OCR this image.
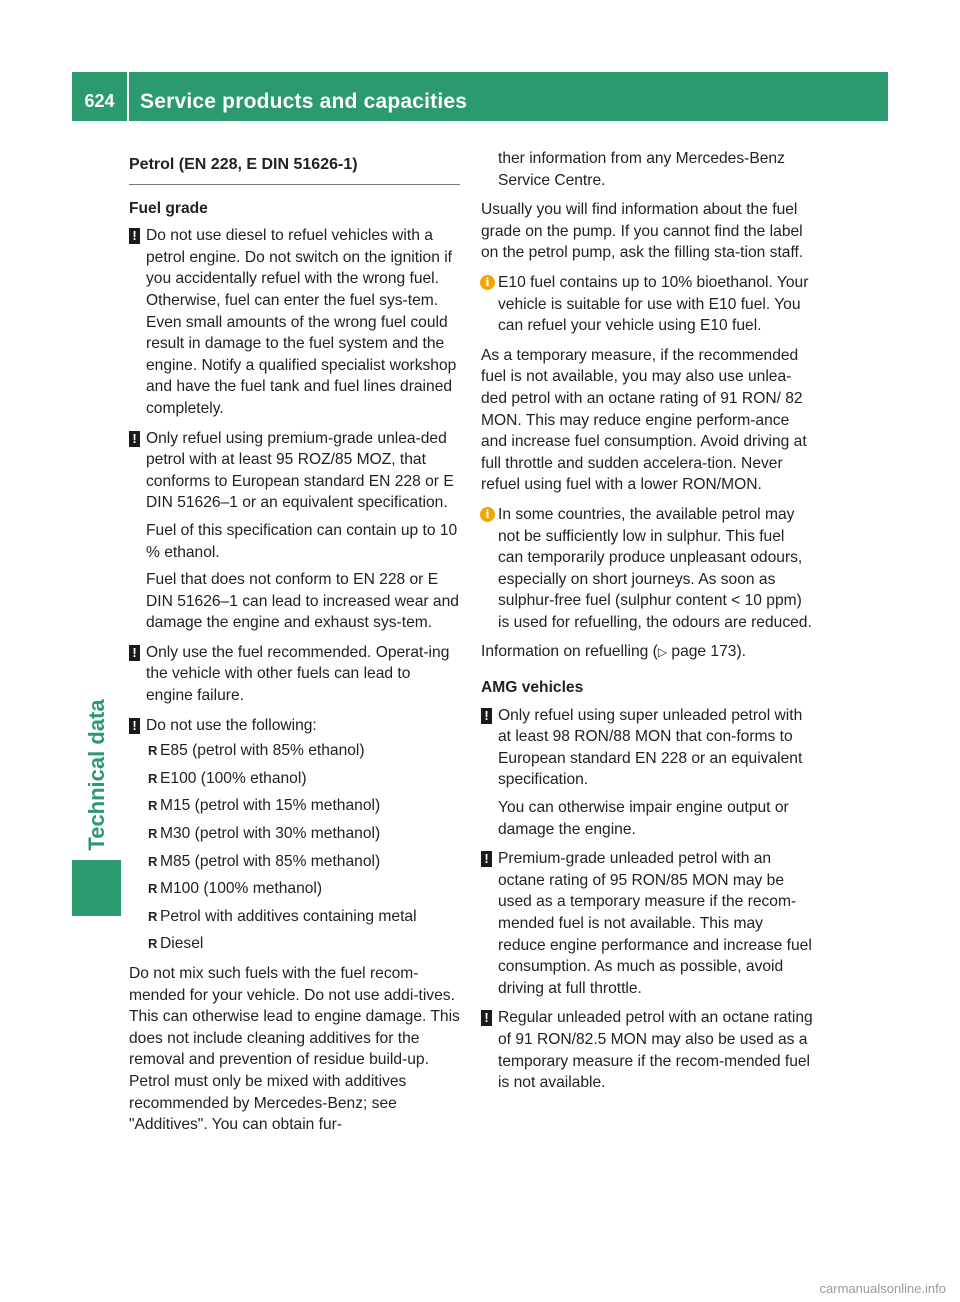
624	Service products and capacities
Technical data
Petrol (EN 228, E DIN 51626-1)
Fuel grade
! Do not use diesel to refuel vehicles with a petrol engine. Do not switch on the ignition if you accidentally refuel with the wrong fuel. Otherwise, fuel can enter the fuel sys-tem. Even small amounts of the wrong fuel could result in damage to the fuel system and the engine. Notify a qualified specialist workshop and have the fuel tank and fuel lines drained completely.
! Only refuel using premium-grade unlea-ded petrol with at least 95 ROZ/85 MOZ, that conforms to European standard EN 228 or E DIN 51626–1 or an equivalent specification.
Fuel of this specification can contain up to 10 % ethanol.
Fuel that does not conform to EN 228 or E DIN 51626–1 can lead to increased wear and damage the engine and exhaust sys-tem.
! Only use the fuel recommended. Operat-ing the vehicle with other fuels can lead to engine failure.
! Do not use the following:
R E85 (petrol with 85% ethanol)
R E100 (100% ethanol)
R M15 (petrol with 15% methanol)
R M30 (petrol with 30% methanol)
R M85 (petrol with 85% methanol)
R M100 (100% methanol)
R Petrol with additives containing metal
R Diesel
Do not mix such fuels with the fuel recom-mended for your vehicle. Do not use addi-tives. This can otherwise lead to engine damage. This does not include cleaning additives for the removal and prevention of residue build-up. Petrol must only be mixed with additives recommended by Mercedes-Benz; see "Additives". You can obtain fur-
ther information from any Mercedes-Benz Service Centre.
Usually you will find information about the fuel grade on the pump. If you cannot find the label on the petrol pump, ask the filling sta-tion staff.
i E10 fuel contains up to 10% bioethanol. Your vehicle is suitable for use with E10 fuel. You can refuel your vehicle using E10 fuel.
As a temporary measure, if the recommended fuel is not available, you may also use unlea-ded petrol with an octane rating of 91 RON/ 82 MON. This may reduce engine perform-ance and increase fuel consumption. Avoid driving at full throttle and sudden accelera-tion. Never refuel using fuel with a lower RON/MON.
i In some countries, the available petrol may not be sufficiently low in sulphur. This fuel can temporarily produce unpleasant odours, especially on short journeys. As soon as sulphur-free fuel (sulphur content < 10 ppm) is used for refuelling, the odours are reduced.
Information on refuelling (▷ page 173).
AMG vehicles
! Only refuel using super unleaded petrol with at least 98 RON/88 MON that con-forms to European standard EN 228 or an equivalent specification.
You can otherwise impair engine output or damage the engine.
! Premium-grade unleaded petrol with an octane rating of 95 RON/85 MON may be used as a temporary measure if the recom-mended fuel is not available. This may reduce engine performance and increase fuel consumption. As much as possible, avoid driving at full throttle.
! Regular unleaded petrol with an octane rating of 91 RON/82.5 MON may also be used as a temporary measure if the recom-mended fuel is not available.
carmanualsonline.info
